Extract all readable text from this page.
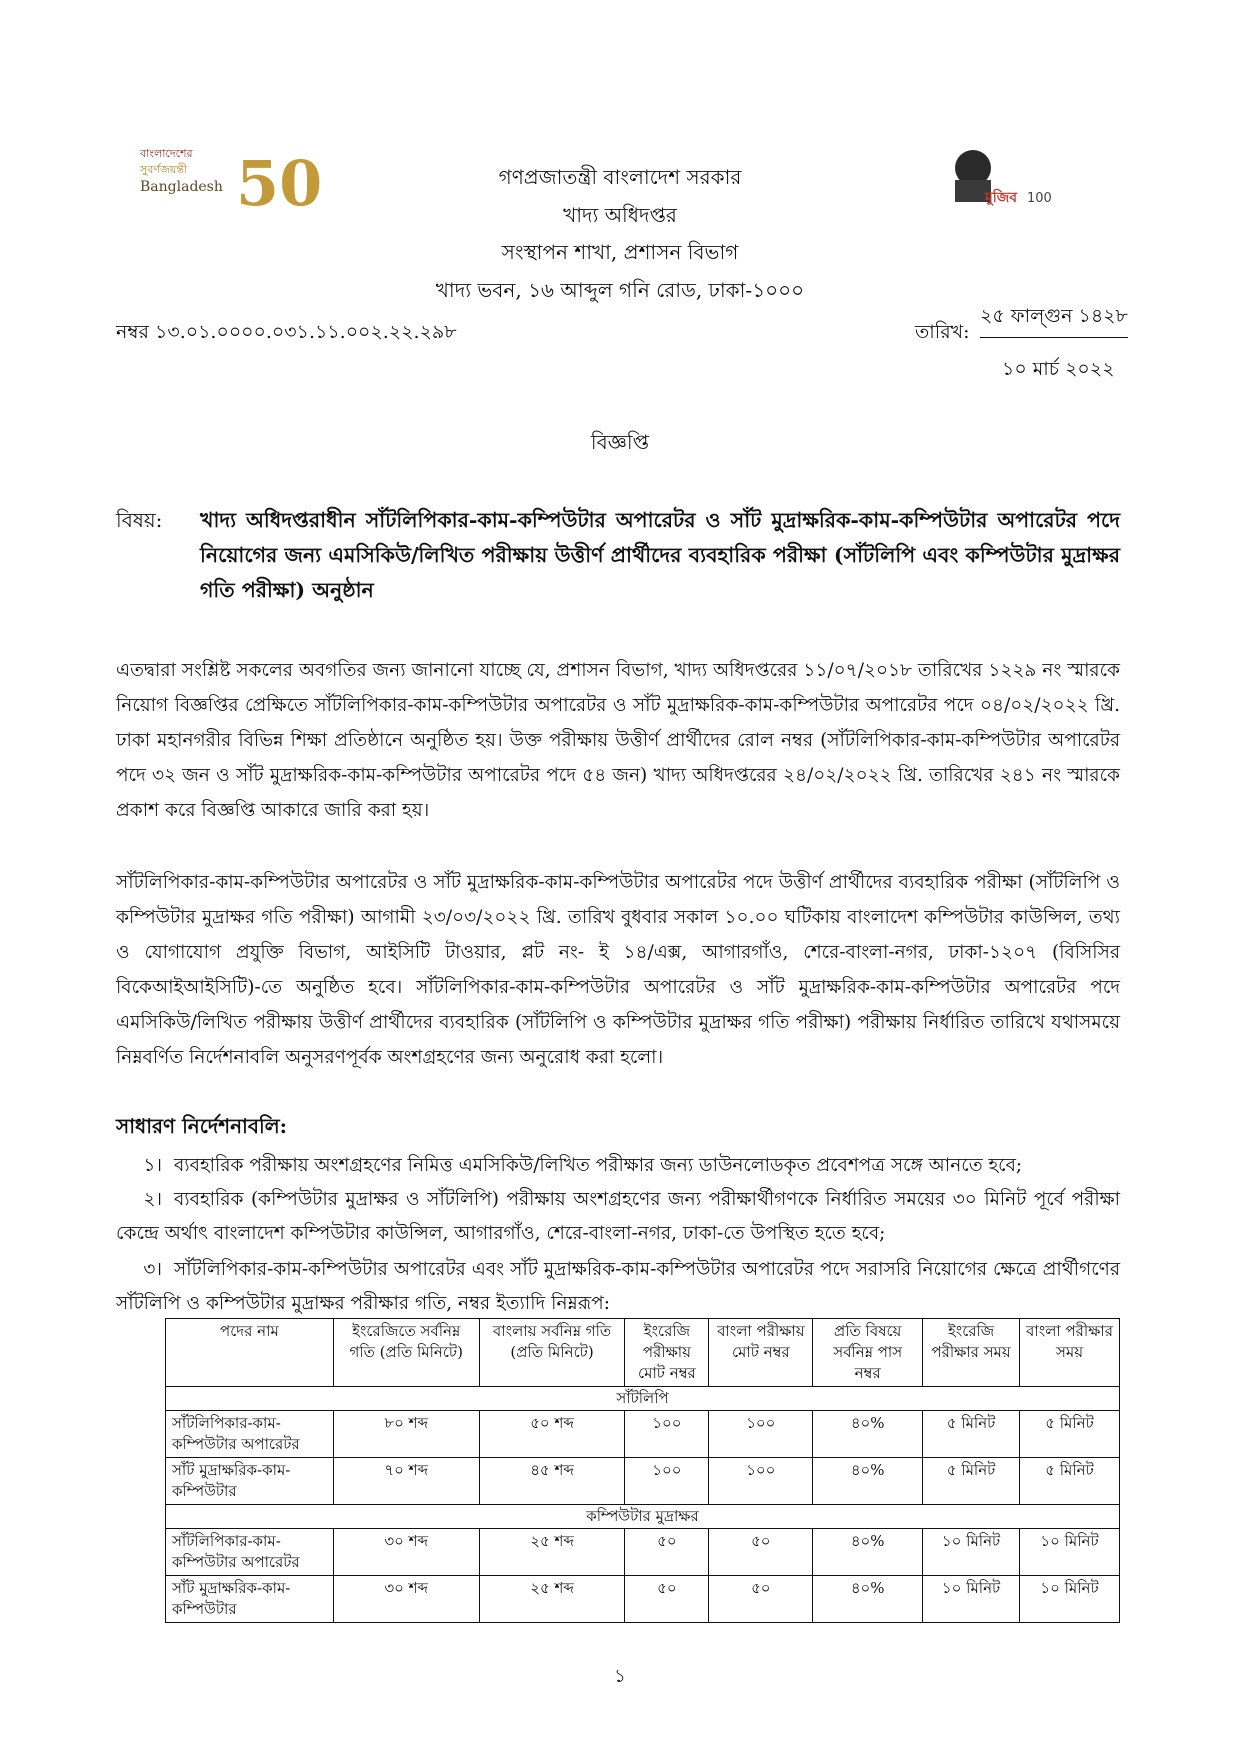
বাংলাদেশের
সুবর্ণজয়ন্তী
Bangladesh 50	মুজিব 100
গণপ্রজাতন্ত্রী বাংলাদেশ সরকার
খাদ্য অধিদপ্তর
সংস্থাপন শাখা, প্রশাসন বিভাগ
খাদ্য ভবন, ১৬ আব্দুল গনি রোড, ঢাকা-১০০০
নম্বর ১৩.০১.০০০০.০৩১.১১.০০২.২২.২৯৮	তারিখ:
২৫ ফাল্গুন ১৪২৮
১০ মার্চ ২০২২
বিজ্ঞপ্তি
বিষয়: খাদ্য অধিদপ্তরাধীন সাঁটলিপিকার-কাম-কম্পিউটার অপারেটর ও সাঁট মুদ্রাক্ষরিক-কাম-কম্পিউটার অপারেটর পদে নিয়োগের জন্য এমসিকিউ/লিখিত পরীক্ষায় উত্তীর্ণ প্রার্থীদের ব্যবহারিক পরীক্ষা (সাঁটলিপি এবং কম্পিউটার মুদ্রাক্ষর গতি পরীক্ষা) অনুষ্ঠান
এতদ্বারা সংশ্লিষ্ট সকলের অবগতির জন্য জানানো যাচ্ছে যে, প্রশাসন বিভাগ, খাদ্য অধিদপ্তরের ১১/০৭/২০১৮ তারিখের ১২২৯ নং স্মারকে নিয়োগ বিজ্ঞপ্তির প্রেক্ষিতে সাঁটলিপিকার-কাম-কম্পিউটার অপারেটর ও সাঁট মুদ্রাক্ষরিক-কাম-কম্পিউটার অপারেটর পদে ০৪/০২/২০২২ খ্রি. ঢাকা মহানগরীর বিভিন্ন শিক্ষা প্রতিষ্ঠানে অনুষ্ঠিত হয়। উক্ত পরীক্ষায় উত্তীর্ণ প্রার্থীদের রোল নম্বর (সাঁটলিপিকার-কাম-কম্পিউটার অপারেটর পদে ৩২ জন ও সাঁট মুদ্রাক্ষরিক-কাম-কম্পিউটার অপারেটর পদে ৫৪ জন) খাদ্য অধিদপ্তরের ২৪/০২/২০২২ খ্রি. তারিখের ২৪১ নং স্মারকে প্রকাশ করে বিজ্ঞপ্তি আকারে জারি করা হয়।
সাঁটলিপিকার-কাম-কম্পিউটার অপারেটর ও সাঁট মুদ্রাক্ষরিক-কাম-কম্পিউটার অপারেটর পদে উত্তীর্ণ প্রার্থীদের ব্যবহারিক পরীক্ষা (সাঁটলিপি ও কম্পিউটার মুদ্রাক্ষর গতি পরীক্ষা) আগামী ২৩/০৩/২০২২ খ্রি. তারিখ বুধবার সকাল ১০.০০ ঘটিকায় বাংলাদেশ কম্পিউটার কাউন্সিল, তথ্য ও যোগাযোগ প্রযুক্তি বিভাগ, আইসিটি টাওয়ার, প্লট নং- ই ১৪/এক্স, আগারগাঁও, শেরে-বাংলা-নগর, ঢাকা-১২০৭ (বিসিসির বিকেআইআইসিটি)-তে অনুষ্ঠিত হবে। সাঁটলিপিকার-কাম-কম্পিউটার অপারেটর ও সাঁট মুদ্রাক্ষরিক-কাম-কম্পিউটার অপারেটর পদে এমসিকিউ/লিখিত পরীক্ষায় উত্তীর্ণ প্রার্থীদের ব্যবহারিক (সাঁটলিপি ও কম্পিউটার মুদ্রাক্ষর গতি পরীক্ষা) পরীক্ষায় নির্ধারিত তারিখে যথাসময়ে নিম্নবর্ণিত নির্দেশনাবলি অনুসরণপূর্বক অংশগ্রহণের জন্য অনুরোধ করা হলো।
সাধারণ নির্দেশনাবলি:
১। ব্যবহারিক পরীক্ষায় অংশগ্রহণের নিমিত্ত এমসিকিউ/লিখিত পরীক্ষার জন্য ডাউনলোডকৃত প্রবেশপত্র সঙ্গে আনতে হবে;
২। ব্যবহারিক (কম্পিউটার মুদ্রাক্ষর ও সাঁটলিপি) পরীক্ষায় অংশগ্রহণের জন্য পরীক্ষার্থীগণকে নির্ধারিত সময়ের ৩০ মিনিট পূর্বে পরীক্ষা কেন্দ্রে অর্থাৎ বাংলাদেশ কম্পিউটার কাউন্সিল, আগারগাঁও, শেরে-বাংলা-নগর, ঢাকা-তে উপস্থিত হতে হবে;
৩। সাঁটলিপিকার-কাম-কম্পিউটার অপারেটর এবং সাঁট মুদ্রাক্ষরিক-কাম-কম্পিউটার অপারেটর পদে সরাসরি নিয়োগের ক্ষেত্রে প্রার্থীগণের সাঁটলিপি ও কম্পিউটার মুদ্রাক্ষর পরীক্ষার গতি, নম্বর ইত্যাদি নিম্নরূপ:
পদের নাম	ইংরেজিতে সর্বনিম্ন গতি (প্রতি মিনিটে)	বাংলায় সর্বনিম্ন গতি (প্রতি মিনিটে)	ইংরেজি পরীক্ষায় মোট নম্বর	বাংলা পরীক্ষায় মোট নম্বর	প্রতি বিষয়ে সর্বনিম্ন পাস নম্বর	ইংরেজি পরীক্ষার সময়	বাংলা পরীক্ষার সময়
সাঁটলিপি							
সাঁটলিপিকার-কাম-কম্পিউটার অপারেটর	৮০ শব্দ	৫০ শব্দ	১০০	১০০	৪০%	৫ মিনিট	৫ মিনিট
সাঁট মুদ্রাক্ষরিক-কাম-কম্পিউটার	৭০ শব্দ	৪৫ শব্দ	১০০	১০০	৪০%	৫ মিনিট	৫ মিনিট
কম্পিউটার মুদ্রাক্ষর							
সাঁটলিপিকার-কাম-কম্পিউটার অপারেটর	৩০ শব্দ	২৫ শব্দ	৫০	৫০	৪০%	১০ মিনিট	১০ মিনিট
সাঁট মুদ্রাক্ষরিক-কাম-কম্পিউটার	৩০ শব্দ	২৫ শব্দ	৫০	৫০	৪০%	১০ মিনিট	১০ মিনিট
১
